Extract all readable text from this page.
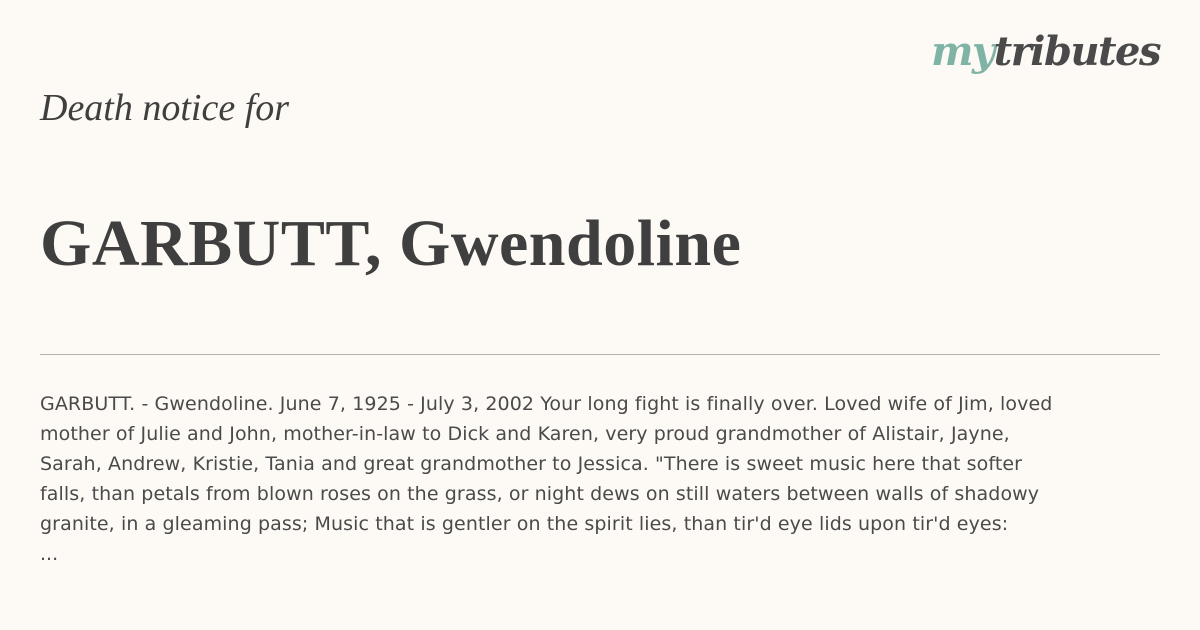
mytributes
Death notice for
GARBUTT, Gwendoline

GARBUTT. - Gwendoline. June 7, 1925 - July 3, 2002 Your long fight is finally over. Loved wife of Jim, loved
mother of Julie and John, mother-in-law to Dick and Karen, very proud grandmother of Alistair, Jayne,
Sarah, Andrew, Kristie, Tania and great grandmother to Jessica. "There is sweet music here that softer
falls, than petals from blown roses on the grass, or night dews on still waters between walls of shadowy
granite, in a gleaming pass; Music that is gentler on the spirit lies, than tir'd eye lids upon tir'd eyes:

...
